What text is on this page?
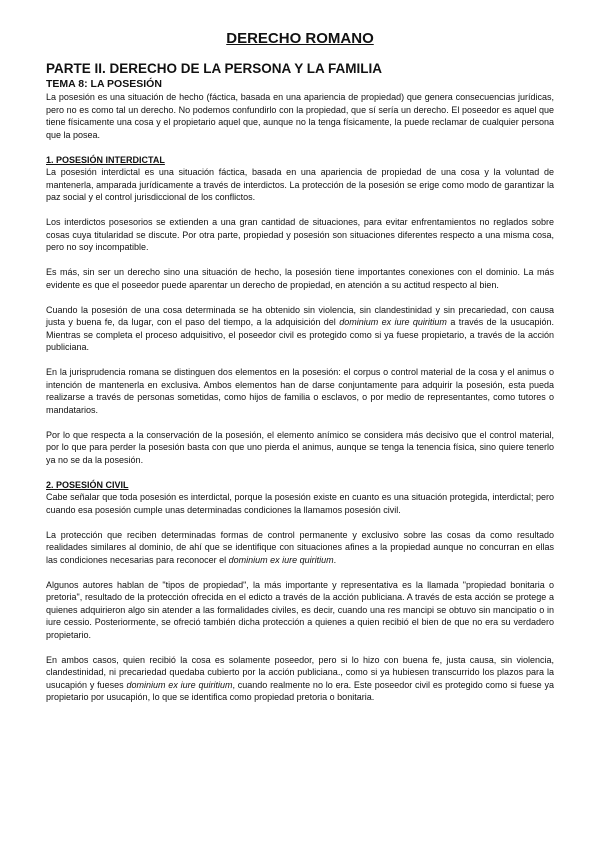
DERECHO ROMANO
PARTE II. DERECHO DE LA PERSONA Y LA FAMILIA
TEMA 8: LA POSESIÓN

La posesión es una situación de hecho (fáctica, basada en una apariencia de propiedad) que genera consecuencias jurídicas, pero no es como tal un derecho. No podemos confundirlo con la propiedad, que sí sería un derecho. El poseedor es aquel que tiene físicamente una cosa y el propietario aquel que, aunque no la tenga físicamente, la puede reclamar de cualquier persona que la posea.

1. POSESIÓN INTERDICTAL

La posesión interdictal es una situación fáctica, basada en una apariencia de propiedad de una cosa y la voluntad de mantenerla, amparada jurídicamente a través de interdictos. La protección de la posesión se erige como modo de garantizar la paz social y el control jurisdiccional de los conflictos.

Los interdictos posesorios se extienden a una gran cantidad de situaciones, para evitar enfrentamientos no reglados sobre cosas cuya titularidad se discute. Por otra parte, propiedad y posesión son situaciones diferentes respecto a una misma cosa, pero no soy incompatible.

Es más, sin ser un derecho sino una situación de hecho, la posesión tiene importantes conexiones con el dominio. La más evidente es que el poseedor puede aparentar un derecho de propiedad, en atención a su actitud respecto al bien.

Cuando la posesión de una cosa determinada se ha obtenido sin violencia, sin clandestinidad y sin precariedad, con causa justa y buena fe, da lugar, con el paso del tiempo, a la adquisición del dominium ex iure quiritium a través de la usucapión. Mientras se completa el proceso adquisitivo, el poseedor civil es protegido como si ya fuese propietario, a través de la acción publiciana.

En la jurisprudencia romana se distinguen dos elementos en la posesión: el corpus o control material de la cosa y el animus o intención de mantenerla en exclusiva. Ambos elementos han de darse conjuntamente para adquirir la posesión, esta pueda realizarse a través de personas sometidas, como hijos de familia o esclavos, o por medio de representantes, como tutores o mandatarios.

Por lo que respecta a la conservación de la posesión, el elemento anímico se considera más decisivo que el control material, por lo que para perder la posesión basta con que uno pierda el animus, aunque se tenga la tenencia física, sino quiere tenerlo ya no se da la posesión.

2. POSESIÓN CIVIL

Cabe señalar que toda posesión es interdictal, porque la posesión existe en cuanto es una situación protegida, interdictal; pero cuando esa posesión cumple unas determinadas condiciones la llamamos posesión civil.

La protección que reciben determinadas formas de control permanente y exclusivo sobre las cosas da como resultado realidades similares al dominio, de ahí que se identifique con situaciones afines a la propiedad aunque no concurran en ellas las condiciones necesarias para reconocer el dominium ex iure quiritium.

Algunos autores hablan de "tipos de propiedad", la más importante y representativa es la llamada "propiedad bonitaria o pretoria", resultado de la protección ofrecida en el edicto a través de la acción publiciana. A través de esta acción se protege a quienes adquirieron algo sin atender a las formalidades civiles, es decir, cuando una res mancipi se obtuvo sin mancipatio o in iure cessio. Posteriormente, se ofreció también dicha protección a quienes a quien recibió el bien de que no era su verdadero propietario.

En ambos casos, quien recibió la cosa es solamente poseedor, pero si lo hizo con buena fe, justa causa, sin violencia, clandestinidad, ni precariedad quedaba cubierto por la acción publiciana., como si ya hubiesen transcurrido los plazos para la usucapión y fueses dominium ex iure quiritium, cuando realmente no lo era. Este poseedor civil es protegido como si fuese ya propietario por usucapión, lo que se identifica como propiedad pretoria o bonitaria.
